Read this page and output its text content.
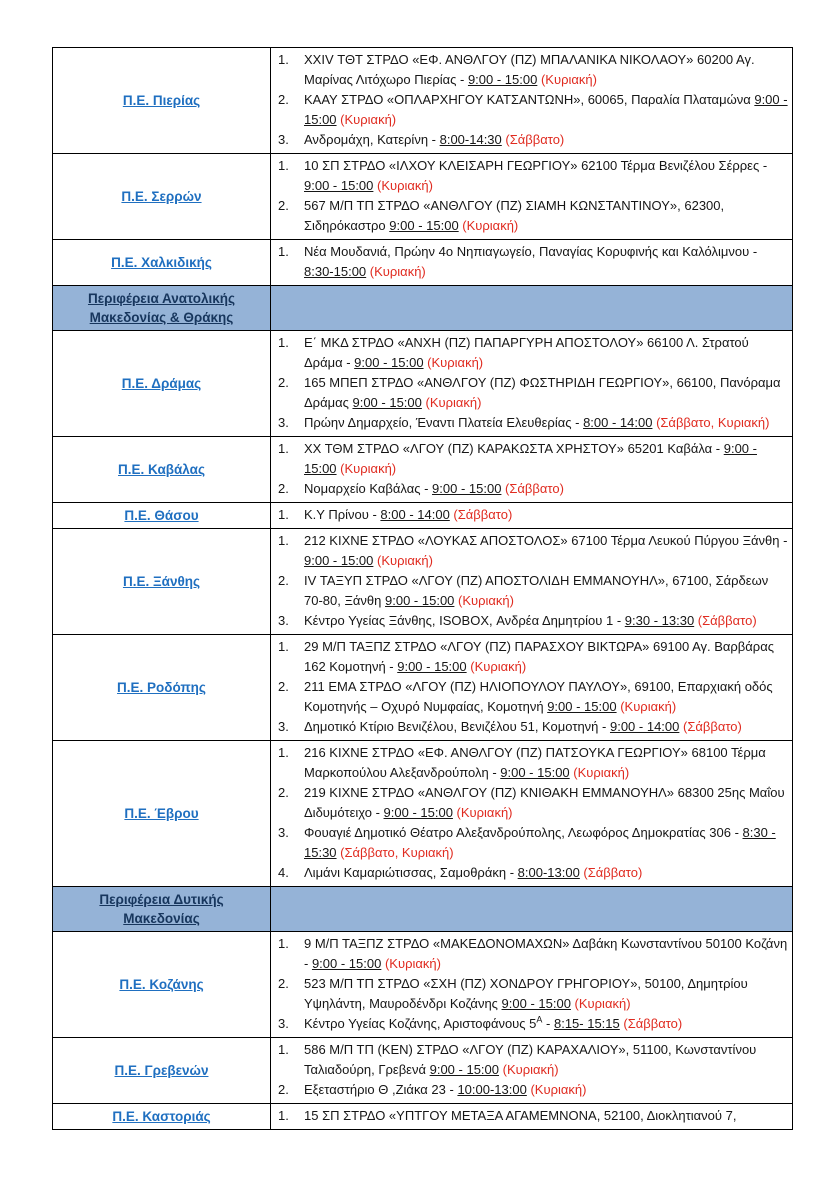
Π.Ε. Πιερίας	
1.	XXIV ΤΘΤ ΣΤΡΔΟ «ΕΦ. ΑΝΘΛΓΟΥ (ΠΖ) ΜΠΑΛΑΝΙΚΑ ΝΙΚΟΛΑΟΥ» 60200 Αγ. Μαρίνας Λιτόχωρο Πιερίας - 9:00 - 15:00 (Κυριακή)
2.	ΚΑΑΥ ΣΤΡΔΟ «ΟΠΛΑΡΧΗΓΟΥ ΚΑΤΣΑΝΤΩΝΗ», 60065, Παραλία Πλαταμώνα 9:00 - 15:00 (Κυριακή)
3.	Ανδρομάχη, Κατερίνη - 8:00-14:30 (Σάββατο)

Π.Ε. Σερρών	1. 10 ΣΠ ΣΤΡΔΟ «ΙΛΧΟΥ ΚΛΕΙΣΑΡΗ ΓΕΩΡΓΙΟΥ» 62100 Τέρμα Βενιζέλου Σέρρες - 9:00 - 15:00 (Κυριακή)
2. 567 Μ/Π ΤΠ ΣΤΡΔΟ «ΑΝΘΛΓΟΥ (ΠΖ) ΣΙΑΜΗ ΚΩΝΣΤΑΝΤΙΝΟΥ», 62300, Σιδηρόκαστρο 9:00 - 15:00 (Κυριακή)

Π.Ε. Χαλκιδικής	1. Νέα Μουδανιά, Πρώην 4ο Νηπιαγωγείο, Παναγίας Κορυφινής και Καλόλιμνου - 8:30-15:00 (Κυριακή)

Περιφέρεια Ανατολικής Μακεδονίας & Θράκης	

Π.Ε. Δράμας	
1.	Ε΄ ΜΚΔ ΣΤΡΔΟ «ΑΝΧΗ (ΠΖ) ΠΑΠΑΡΓΥΡΗ ΑΠΟΣΤΟΛΟΥ» 66100 Λ. Στρατού Δράμα - 9:00 - 15:00 (Κυριακή)
2.	165 ΜΠΕΠ ΣΤΡΔΟ «ΑΝΘΛΓΟΥ (ΠΖ) ΦΩΣΤΗΡΙΔΗ ΓΕΩΡΓΙΟΥ», 66100, Πανόραμα Δράμας 9:00 - 15:00 (Κυριακή)
3.	Πρώην Δημαρχείο, Έναντι Πλατεία Ελευθερίας - 8:00 - 14:00 (Σάββατο, Κυριακή)

Π.Ε. Καβάλας	1. ΧΧ ΤΘΜ ΣΤΡΔΟ «ΛΓΟΥ (ΠΖ) ΚΑΡΑΚΩΣΤΑ ΧΡΗΣΤΟΥ» 65201 Καβάλα - 9:00 - 15:00 (Κυριακή)
2. Νομαρχείο Καβάλας - 9:00 - 15:00 (Σάββατο)

Π.Ε. Θάσου	1. Κ.Υ Πρίνου - 8:00 - 14:00 (Σάββατο)

Π.Ε. Ξάνθης	
1.	212 ΚΙΧΝΕ ΣΤΡΔΟ «ΛΟΥΚΑΣ ΑΠΟΣΤΟΛΟΣ» 67100 Τέρμα Λευκού Πύργου Ξάνθη - 9:00 - 15:00 (Κυριακή)
2.	IV ΤΑΞΥΠ ΣΤΡΔΟ «ΛΓΟΥ (ΠΖ) ΑΠΟΣΤΟΛΙΔΗ ΕΜΜΑΝΟΥΗΛ», 67100, Σάρδεων 70-80, Ξάνθη 9:00 - 15:00 (Κυριακή)
3.	Κέντρο Υγείας Ξάνθης, ISOBOX, Ανδρέα Δημητρίου 1 - 9:30 - 13:30 (Σάββατο)

Π.Ε. Ροδόπης	
1.	29 Μ/Π ΤΑΞΠΖ ΣΤΡΔΟ «ΛΓΟΥ (ΠΖ) ΠΑΡΑΣΧΟΥ ΒΙΚΤΩΡΑ» 69100 Αγ. Βαρβάρας 162 Κομοτηνή - 9:00 - 15:00 (Κυριακή)
2.	211 ΕΜΑ ΣΤΡΔΟ «ΛΓΟΥ (ΠΖ) ΗΛΙΟΠΟΥΛΟΥ ΠΑΥΛΟΥ», 69100, Επαρχιακή οδός Κομοτηνής – Οχυρό Νυμφαίας, Κομοτηνή 9:00 - 15:00 (Κυριακή)
3.	Δημοτικό Κτίριο Βενιζέλου, Βενιζέλου 51, Κομοτηνή - 9:00 - 14:00 (Σάββατο)

Π.Ε. Έβρου	
1.	216 ΚΙΧΝΕ ΣΤΡΔΟ «ΕΦ. ΑΝΘΛΓΟΥ (ΠΖ) ΠΑΤΣΟΥΚΑ ΓΕΩΡΓΙΟΥ» 68100 Τέρμα Μαρκοπούλου Αλεξανδρούπολη - 9:00 - 15:00 (Κυριακή)
2.	219 ΚΙΧΝΕ ΣΤΡΔΟ «ΑΝΘΛΓΟΥ (ΠΖ) ΚΝΙΘΑΚΗ ΕΜΜΑΝΟΥΗΛ» 68300 25ης Μαΐου Διδυμότειχο - 9:00 - 15:00 (Κυριακή)
3.	Φουαγιέ Δημοτικό Θέατρο Αλεξανδρούπολης, Λεωφόρος Δημοκρατίας 306 - 8:30 - 15:30 (Σάββατο, Κυριακή)
4.	Λιμάνι Καμαριώτισσας, Σαμοθράκη - 8:00-13:00 (Σάββατο)

Περιφέρεια Δυτικής Μακεδονίας	

Π.Ε. Κοζάνης	
1.	9 Μ/Π ΤΑΞΠΖ ΣΤΡΔΟ «ΜΑΚΕΔΟΝΟΜΑΧΩΝ» Δαβάκη Κωνσταντίνου 50100 Κοζάνη - 9:00 - 15:00 (Κυριακή)
2.	523 Μ/Π ΤΠ ΣΤΡΔΟ «ΣΧΗ (ΠΖ) ΧΟΝΔΡΟΥ ΓΡΗΓΟΡΙΟΥ», 50100, Δημητρίου Υψηλάντη, Μαυροδένδρι Κοζάνης 9:00 - 15:00 (Κυριακή)
3.	Κέντρο Υγείας Κοζάνης, Αριστοφάνους $5^A$ - 8:15- 15:15 (Σάββατο)

Π.Ε. Γρεβενών	1. 586 Μ/Π ΤΠ (ΚΕΝ) ΣΤΡΔΟ «ΛΓΟΥ (ΠΖ) ΚΑΡΑΧΑΛΙΟΥ», 51100, Κωνσταντίνου Ταλιαδούρη, Γρεβενά 9:00 - 15:00 (Κυριακή)
2. Εξεταστήριο Θ ,Ζιάκα 23 - 10:00-13:00 (Κυριακή)

Π.Ε. Καστοριάς	1. 15 ΣΠ ΣΤΡΔΟ «ΥΠΤΓΟΥ ΜΕΤΑΞΑ ΑΓΑΜΕΜΝΟΝΑ, 52100, Διοκλητιανού 7,
